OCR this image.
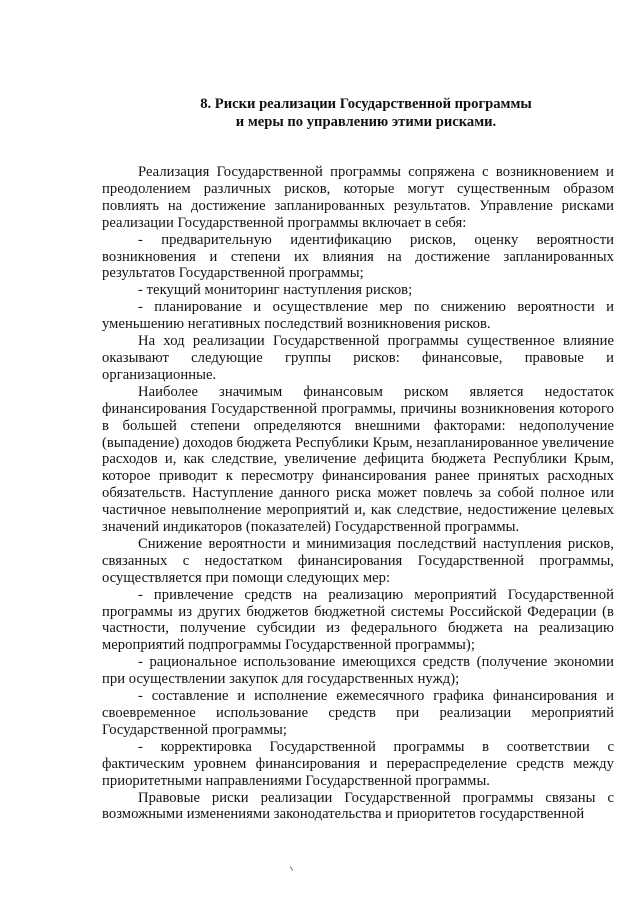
8. Риски реализации Государственной программы
и меры по управлению этими рисками.

Реализация Государственной программы сопряжена с возникновением и преодолением различных рисков, которые могут существенным образом повлиять на достижение запланированных результатов. Управление рисками реализации Государственной программы включает в себя:

- предварительную идентификацию рисков, оценку вероятности возникновения и степени их влияния на достижение запланированных результатов Государственной программы;

- текущий мониторинг наступления рисков;

- планирование и осуществление мер по снижению вероятности и уменьшению негативных последствий возникновения рисков.

На ход реализации Государственной программы существенное влияние оказывают следующие группы рисков: финансовые, правовые и организационные.

Наиболее значимым финансовым риском является недостаток финансирования Государственной программы, причины возникновения которого в большей степени определяются внешними факторами: недополучение (выпадение) доходов бюджета Республики Крым, незапланированное увеличение расходов и, как следствие, увеличение дефицита бюджета Республики Крым, которое приводит к пересмотру финансирования ранее принятых расходных обязательств. Наступление данного риска может повлечь за собой полное или частичное невыполнение мероприятий и, как следствие, недостижение целевых значений индикаторов (показателей) Государственной программы.

Снижение вероятности и минимизация последствий наступления рисков, связанных с недостатком финансирования Государственной программы, осуществляется при помощи следующих мер:

- привлечение средств на реализацию мероприятий Государственной программы из других бюджетов бюджетной системы Российской Федерации (в частности, получение субсидии из федерального бюджета на реализацию мероприятий подпрограммы Государственной программы);

- рациональное использование имеющихся средств (получение экономии при осуществлении закупок для государственных нужд);

- составление и исполнение ежемесячного графика финансирования и своевременное использование средств при реализации мероприятий Государственной программы;

- корректировка Государственной программы в соответствии с фактическим уровнем финансирования и перераспределение средств между приоритетными направлениями Государственной программы.

Правовые риски реализации Государственной программы связаны с возможными изменениями законодательства и приоритетов государственной
